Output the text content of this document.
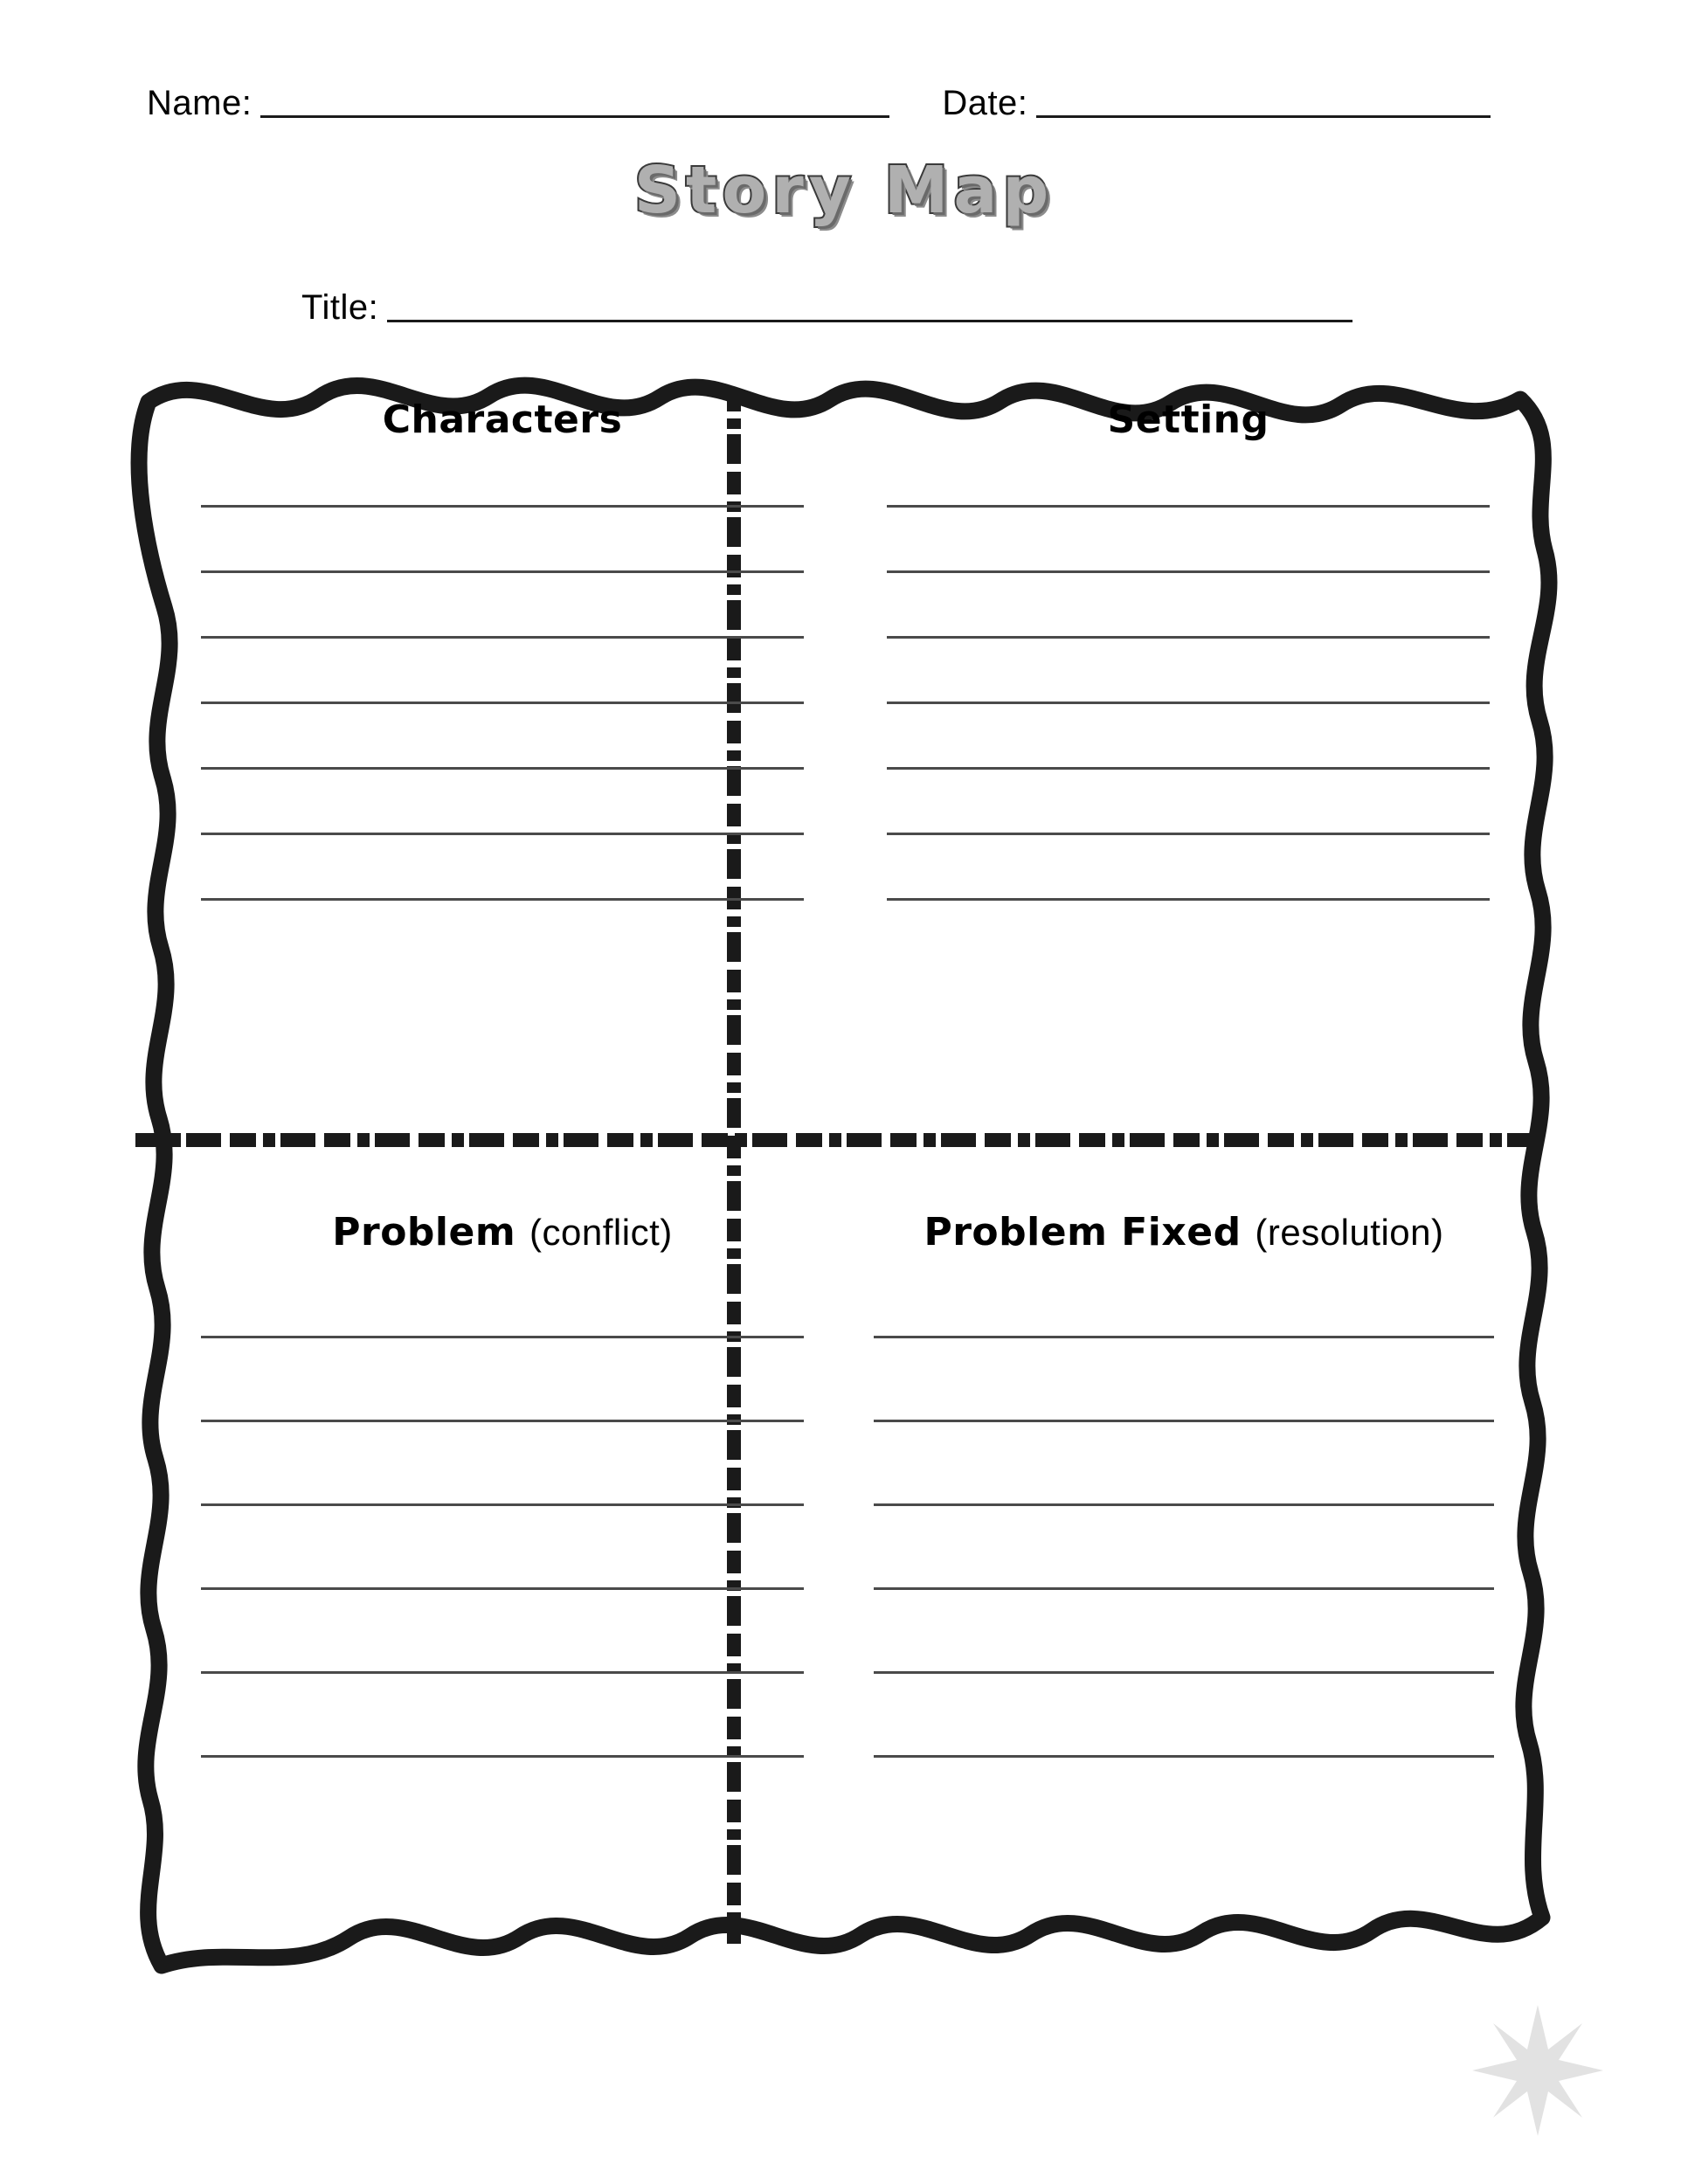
Name:	Date:
Story Map
Title:
Characters	Setting
Problem (conflict)	Problem Fixed (resolution)
